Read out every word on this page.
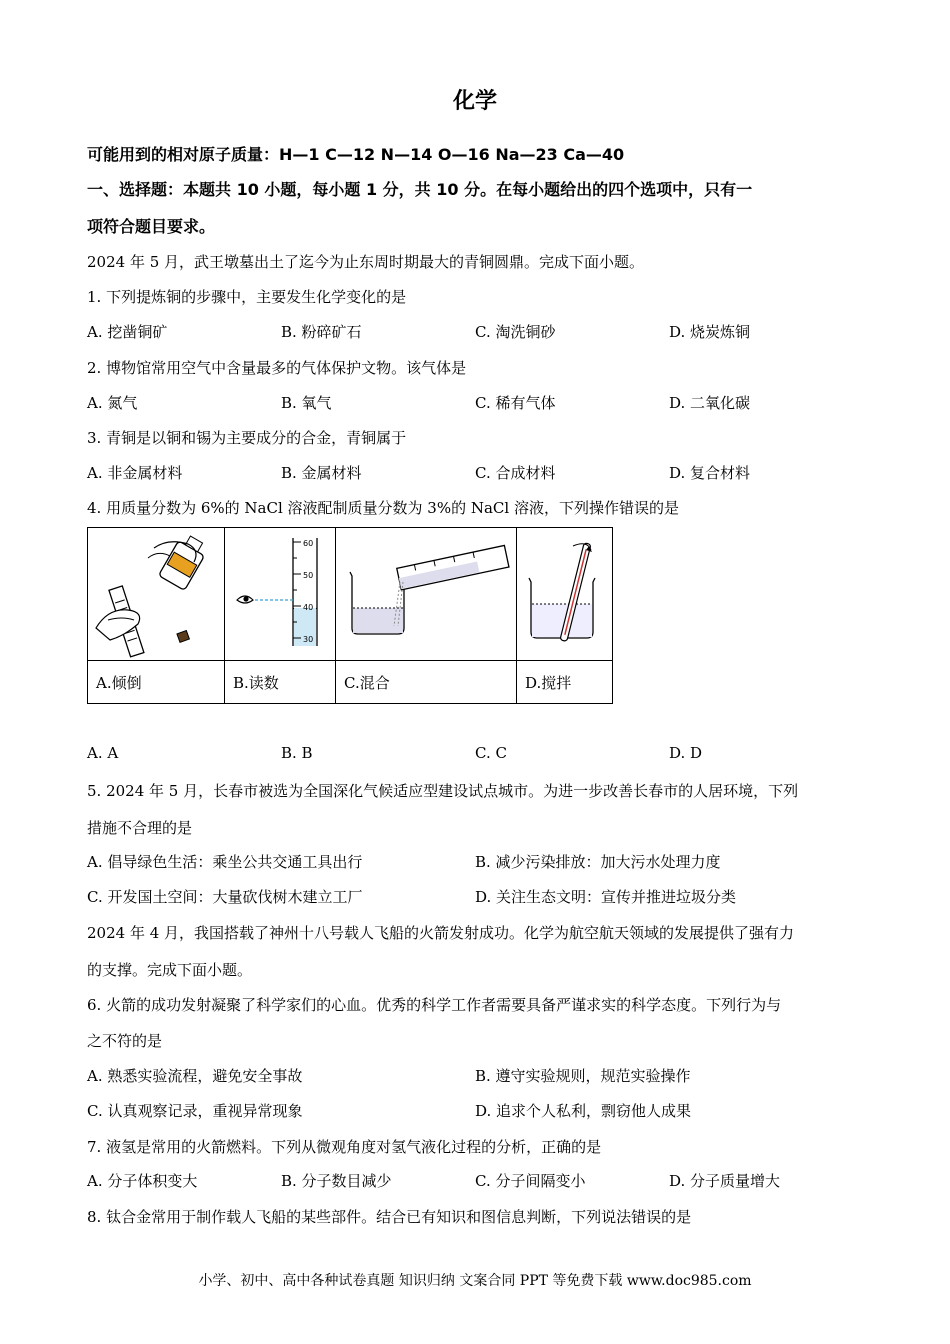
化学
可能用到的相对原子质量：H—1 C—12 N—14 O—16 Na—23 Ca—40
一、选择题：本题共 10 小题，每小题 1 分，共 10 分。在每小题给出的四个选项中，只有一
项符合题目要求。
2024 年 5 月，武王墩墓出土了迄今为止东周时期最大的青铜圆鼎。完成下面小题。
1. 下列提炼铜的步骤中，主要发生化学变化的是
A. 挖凿铜矿	B. 粉碎矿石	C. 淘洗铜砂	D. 烧炭炼铜
2. 博物馆常用空气中含量最多的气体保护文物。该气体是
A. 氮气	B. 氧气	C. 稀有气体	D. 二氧化碳
3. 青铜是以铜和锡为主要成分的合金，青铜属于
A. 非金属材料	B. 金属材料	C. 合成材料	D. 复合材料
4. 用质量分数为 6%的 NaCl 溶液配制质量分数为 3%的 NaCl 溶液，下列操作错误的是

60
50
40
30

A.倾倒	B.读数	C.混合	D.搅拌
A. A	B. B	C. C	D. D
5. 2024 年 5 月，长春市被选为全国深化气候适应型建设试点城市。为进一步改善长春市的人居环境，下列
措施不合理的是
A. 倡导绿色生活：乘坐公共交通工具出行	B. 减少污染排放：加大污水处理力度
C. 开发国土空间：大量砍伐树木建立工厂	D. 关注生态文明：宣传并推进垃圾分类
2024 年 4 月，我国搭载了神州十八号载人飞船的火箭发射成功。化学为航空航天领域的发展提供了强有力
的支撑。完成下面小题。
6. 火箭的成功发射凝聚了科学家们的心血。优秀的科学工作者需要具备严谨求实的科学态度。下列行为与
之不符的是
A. 熟悉实验流程，避免安全事故	B. 遵守实验规则，规范实验操作
C. 认真观察记录，重视异常现象	D. 追求个人私利，剽窃他人成果
7. 液氢是常用的火箭燃料。下列从微观角度对氢气液化过程的分析，正确的是
A. 分子体积变大	B. 分子数目减少	C. 分子间隔变小	D. 分子质量增大
8. 钛合金常用于制作载人飞船的某些部件。结合已有知识和图信息判断，下列说法错误的是
小学、初中、高中各种试卷真题 知识归纳 文案合同 PPT 等免费下载 www.doc985.com
